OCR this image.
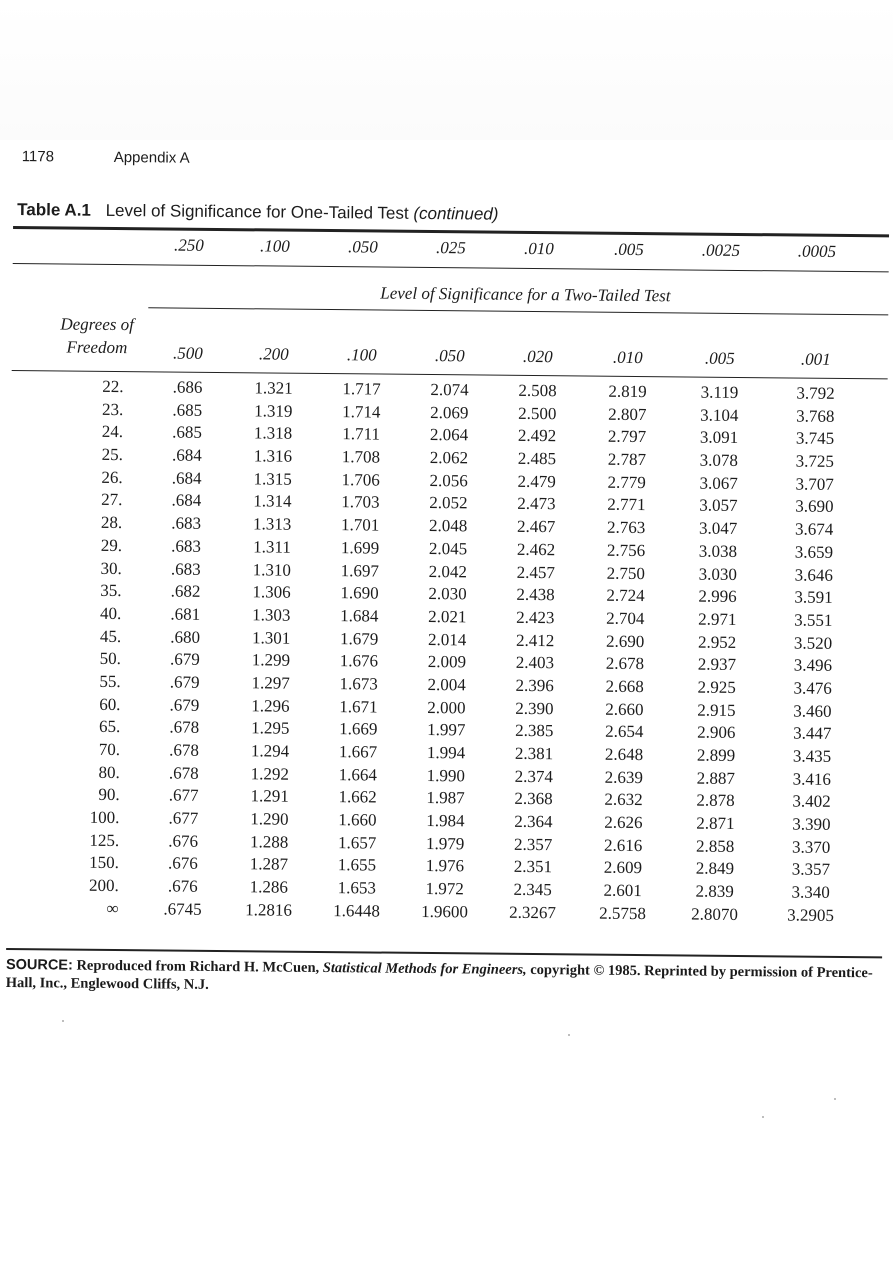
1178	Appendix A
Table A.1 Level of Significance for One-Tailed Test (continued)
.250	.100	.050	.025	.010	.005	.0025	.0005
Level of Significance for a Two-Tailed Test
Degrees of
Freedom	.500	.200	.100	.050	.020	.010	.005	.001
22.	.686	1.321	1.717	2.074	2.508	2.819	3.119	3.792
23.	.685	1.319	1.714	2.069	2.500	2.807	3.104	3.768
24.	.685	1.318	1.711	2.064	2.492	2.797	3.091	3.745
25.	.684	1.316	1.708	2.062	2.485	2.787	3.078	3.725
26.	.684	1.315	1.706	2.056	2.479	2.779	3.067	3.707
27.	.684	1.314	1.703	2.052	2.473	2.771	3.057	3.690
28.	.683	1.313	1.701	2.048	2.467	2.763	3.047	3.674
29.	.683	1.311	1.699	2.045	2.462	2.756	3.038	3.659
30.	.683	1.310	1.697	2.042	2.457	2.750	3.030	3.646
35.	.682	1.306	1.690	2.030	2.438	2.724	2.996	3.591
40.	.681	1.303	1.684	2.021	2.423	2.704	2.971	3.551
45.	.680	1.301	1.679	2.014	2.412	2.690	2.952	3.520
50.	.679	1.299	1.676	2.009	2.403	2.678	2.937	3.496
55.	.679	1.297	1.673	2.004	2.396	2.668	2.925	3.476
60.	.679	1.296	1.671	2.000	2.390	2.660	2.915	3.460
65.	.678	1.295	1.669	1.997	2.385	2.654	2.906	3.447
70.	.678	1.294	1.667	1.994	2.381	2.648	2.899	3.435
80.	.678	1.292	1.664	1.990	2.374	2.639	2.887	3.416
90.	.677	1.291	1.662	1.987	2.368	2.632	2.878	3.402
100.	.677	1.290	1.660	1.984	2.364	2.626	2.871	3.390
125.	.676	1.288	1.657	1.979	2.357	2.616	2.858	3.370
150.	.676	1.287	1.655	1.976	2.351	2.609	2.849	3.357
200.	.676	1.286	1.653	1.972	2.345	2.601	2.839	3.340
∞	.6745	1.2816	1.6448	1.9600	2.3267	2.5758	2.8070	3.2905
SOURCE: Reproduced from Richard H. McCuen, Statistical Methods for Engineers, copyright © 1985. Reprinted by permission of Prentice-Hall, Inc., Englewood Cliffs, N.J.
